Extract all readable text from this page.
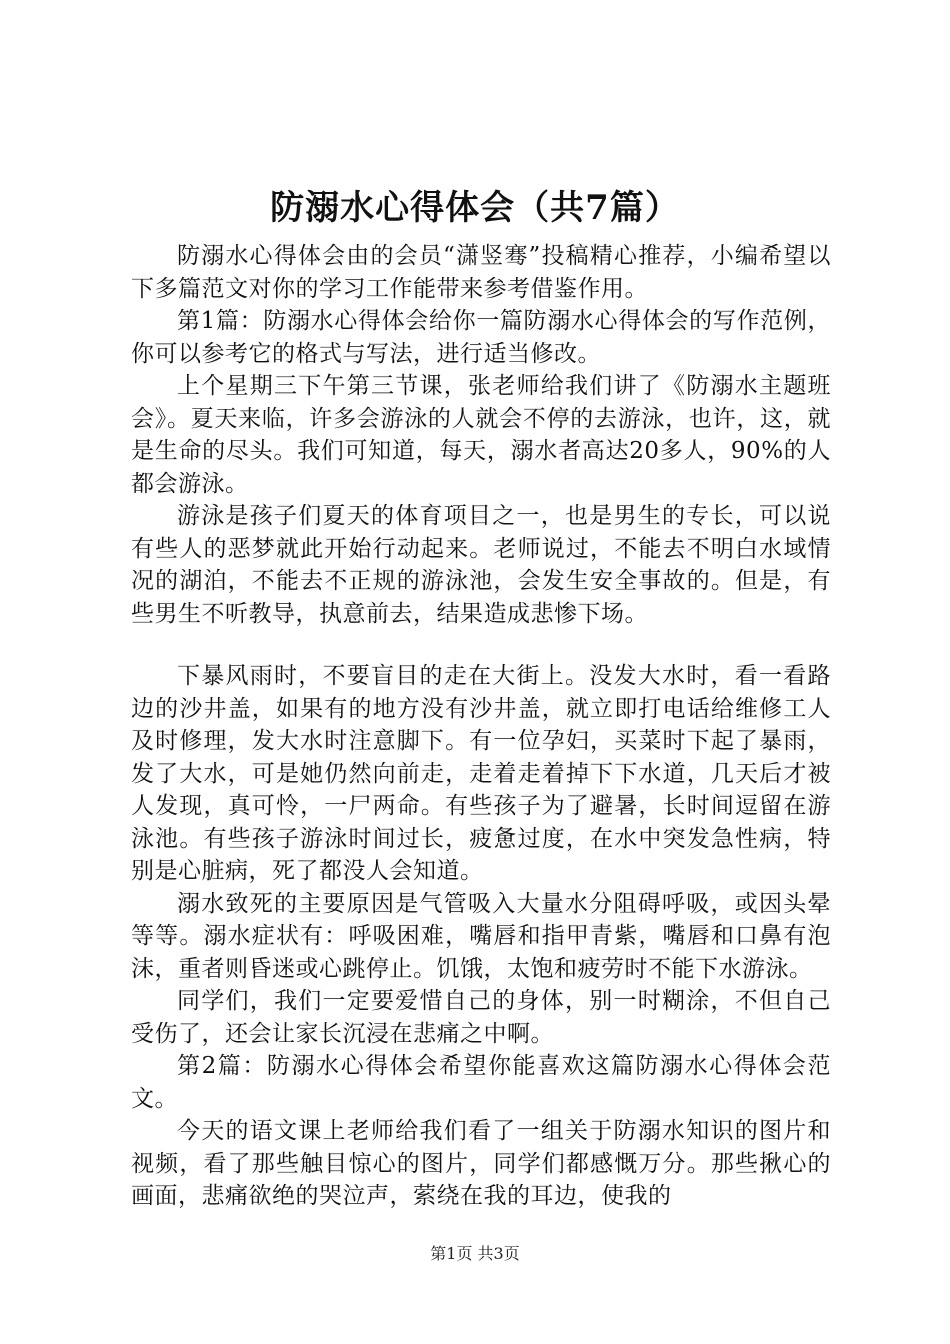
防溺水心得体会（共7篇）

防溺水心得体会由的会员“潇竖骞”投稿精心推荐，小编希望以下多篇范文对你的学习工作能带来参考借鉴作用。

第1篇：防溺水心得体会给你一篇防溺水心得体会的写作范例，你可以参考它的格式与写法，进行适当修改。

上个星期三下午第三节课，张老师给我们讲了《防溺水主题班会》。夏天来临，许多会游泳的人就会不停的去游泳，也许，这，就是生命的尽头。我们可知道，每天，溺水者高达20多人，90%的人都会游泳。

游泳是孩子们夏天的体育项目之一，也是男生的专长，可以说有些人的恶梦就此开始行动起来。老师说过，不能去不明白水域情况的湖泊，不能去不正规的游泳池，会发生安全事故的。但是，有些男生不听教导，执意前去，结果造成悲惨下场。

下暴风雨时，不要盲目的走在大街上。没发大水时，看一看路边的沙井盖，如果有的地方没有沙井盖，就立即打电话给维修工人及时修理，发大水时注意脚下。有一位孕妇，买菜时下起了暴雨，发了大水，可是她仍然向前走，走着走着掉下下水道，几天后才被人发现，真可怜，一尸两命。有些孩子为了避暑，长时间逗留在游泳池。有些孩子游泳时间过长，疲惫过度，在水中突发急性病，特别是心脏病，死了都没人会知道。

溺水致死的主要原因是气管吸入大量水分阻碍呼吸，或因头晕等等。溺水症状有：呼吸困难，嘴唇和指甲青紫，嘴唇和口鼻有泡沫，重者则昏迷或心跳停止。饥饿，太饱和疲劳时不能下水游泳。

同学们，我们一定要爱惜自己的身体，别一时糊涂，不但自己受伤了，还会让家长沉浸在悲痛之中啊。

第2篇：防溺水心得体会希望你能喜欢这篇防溺水心得体会范文。

今天的语文课上老师给我们看了一组关于防溺水知识的图片和视频，看了那些触目惊心的图片，同学们都感慨万分。那些揪心的画面，悲痛欲绝的哭泣声，萦绕在我的耳边，使我的

第1页 共3页
